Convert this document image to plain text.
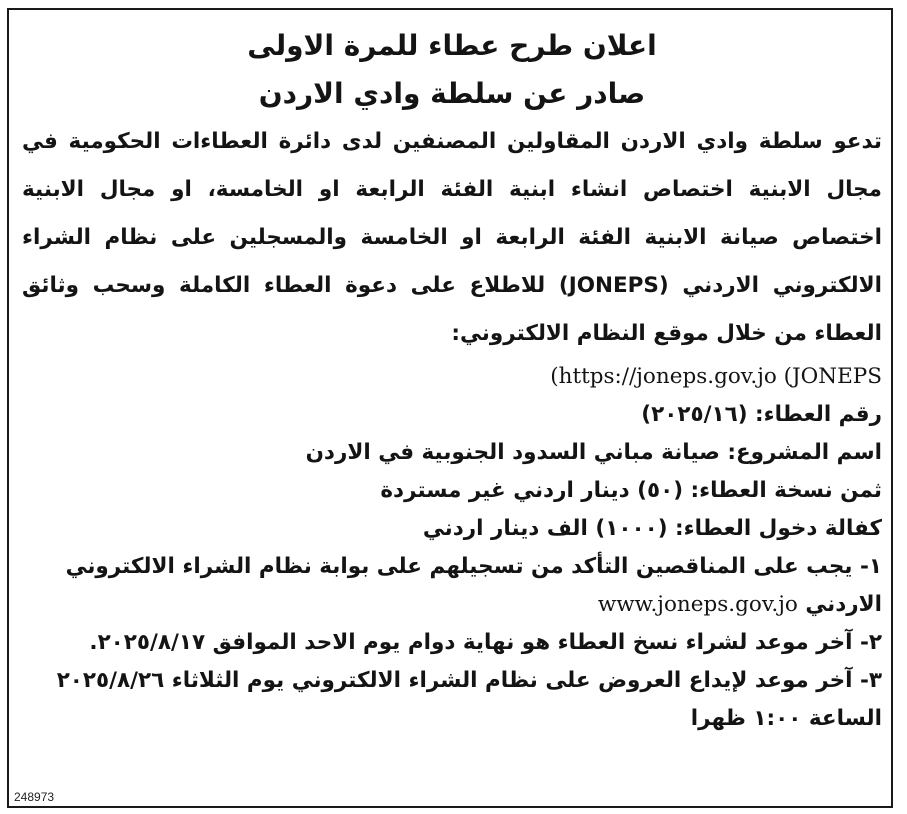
اعلان طرح عطاء للمرة الاولى

صادر عن سلطة وادي الاردن

تدعو سلطة وادي الاردن المقاولين المصنفين لدى دائرة العطاءات الحكومية في مجال الابنية اختصاص انشاء ابنية الفئة الرابعة او الخامسة، او مجال الابنية اختصاص صيانة الابنية الفئة الرابعة او الخامسة والمسجلين على نظام الشراء الالكتروني الاردني (JONEPS) للاطلاع على دعوة العطاء الكاملة وسحب وثائق العطاء من خلال موقع النظام الالكتروني:

(https://joneps.gov.jo (JONEPS

رقم العطاء: (٢٠٢٥/١٦)

اسم المشروع: صيانة مباني السدود الجنوبية في الاردن

ثمن نسخة العطاء: (٥٠) دينار اردني غير مستردة

كفالة دخول العطاء: (١٠٠٠) الف دينار اردني

١- يجب على المناقصين التأكد من تسجيلهم على بوابة نظام الشراء الالكتروني الاردني www.joneps.gov.jo

٢- آخر موعد لشراء نسخ العطاء هو نهاية دوام يوم الاحد الموافق ٢٠٢٥/٨/١٧.

٣- آخر موعد لإيداع العروض على نظام الشراء الالكتروني يوم الثلاثاء ٢٠٢٥/٨/٢٦ الساعة ١:٠٠ ظهرا

248973
